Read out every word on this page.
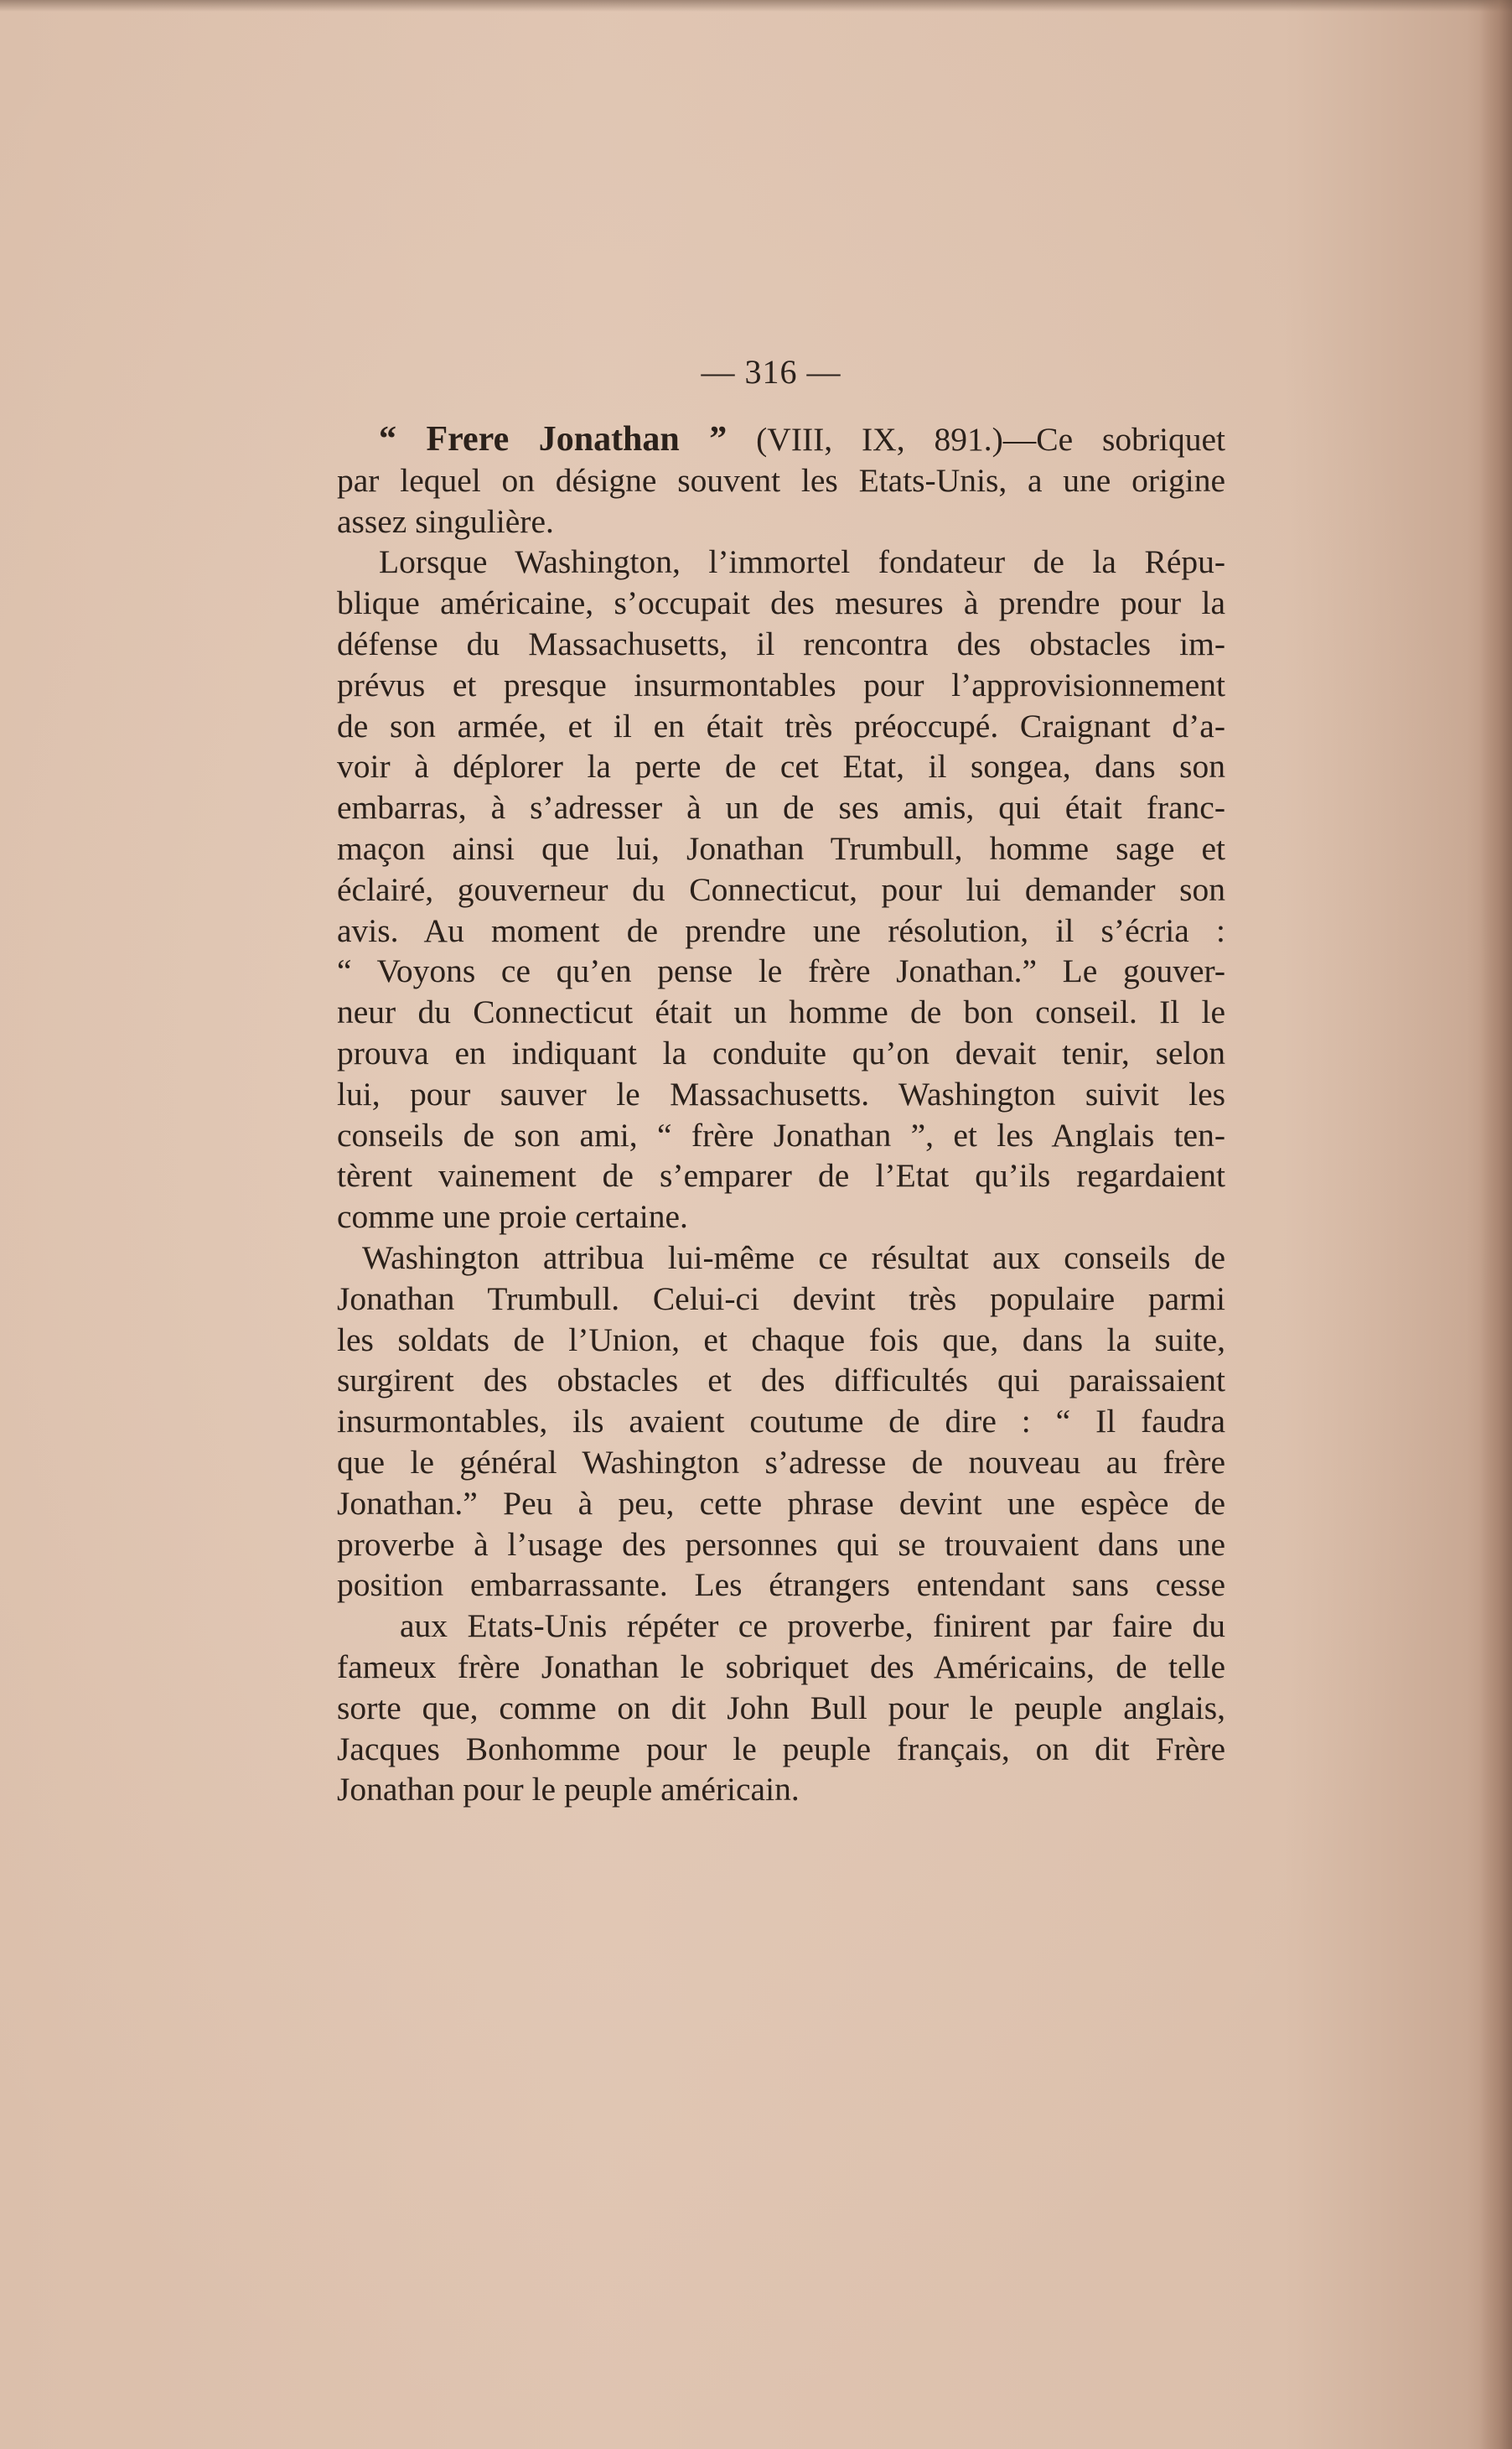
— 316 —
“ Frere Jonathan ” (VIII, IX, 891.)—Ce sobriquet
par lequel on désigne souvent les Etats-Unis, a une origine
assez singulière.
Lorsque Washington, l’immortel fondateur de la Répu-
blique américaine, s’occupait des mesures à prendre pour la
défense du Massachusetts, il rencontra des obstacles im-
prévus et presque insurmontables pour l’approvisionnement
de son armée, et il en était très préoccupé. Craignant d’a-
voir à déplorer la perte de cet Etat, il songea, dans son
embarras, à s’adresser à un de ses amis, qui était franc-
maçon ainsi que lui, Jonathan Trumbull, homme sage et
éclairé, gouverneur du Connecticut, pour lui demander son
avis. Au moment de prendre une résolution, il s’écria :
“ Voyons ce qu’en pense le frère Jonathan.” Le gouver-
neur du Connecticut était un homme de bon conseil. Il le
prouva en indiquant la conduite qu’on devait tenir, selon
lui, pour sauver le Massachusetts. Washington suivit les
conseils de son ami, “ frère Jonathan ”, et les Anglais ten-
tèrent vainement de s’emparer de l’Etat qu’ils regardaient
comme une proie certaine.
Washington attribua lui-même ce résultat aux conseils de
Jonathan Trumbull. Celui-ci devint très populaire parmi
les soldats de l’Union, et chaque fois que, dans la suite,
surgirent des obstacles et des difficultés qui paraissaient
insurmontables, ils avaient coutume de dire : “ Il faudra
que le général Washington s’adresse de nouveau au frère
Jonathan.” Peu à peu, cette phrase devint une espèce de
proverbe à l’usage des personnes qui se trouvaient dans une
position embarrassante. Les étrangers entendant sans cesse
aux Etats-Unis répéter ce proverbe, finirent par faire du
fameux frère Jonathan le sobriquet des Américains, de telle
sorte que, comme on dit John Bull pour le peuple anglais,
Jacques Bonhomme pour le peuple français, on dit Frère
Jonathan pour le peuple américain.
